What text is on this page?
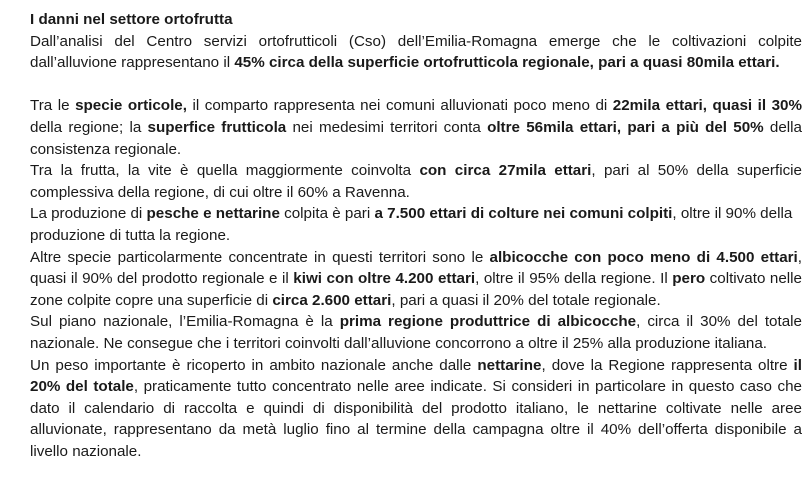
I danni nel settore ortofrutta

Dall’analisi del Centro servizi ortofrutticoli (Cso) dell’Emilia-Romagna emerge che le coltivazioni colpite dall’alluvione rappresentano il 45% circa della superficie ortofrutticola regionale, pari a quasi 80mila ettari.

Tra le specie orticole, il comparto rappresenta nei comuni alluvionati poco meno di 22mila ettari, quasi il 30% della regione; la superfice frutticola nei medesimi territori conta oltre 56mila ettari, pari a più del 50% della consistenza regionale.

Tra la frutta, la vite è quella maggiormente coinvolta con circa 27mila ettari, pari al 50% della superficie complessiva della regione, di cui oltre il 60% a Ravenna.

La produzione di pesche e nettarine colpita è pari a 7.500 ettari di colture nei comuni colpiti, oltre il 90% della produzione di tutta la regione.

Altre specie particolarmente concentrate in questi territori sono le albicocche con poco meno di 4.500 ettari, quasi il 90% del prodotto regionale e il kiwi con oltre 4.200 ettari, oltre il 95% della regione. Il pero coltivato nelle zone colpite copre una superficie di circa 2.600 ettari, pari a quasi il 20% del totale regionale.

Sul piano nazionale, l’Emilia-Romagna è la prima regione produttrice di albicocche, circa il 30% del totale nazionale. Ne consegue che i territori coinvolti dall’alluvione concorrono a oltre il 25% alla produzione italiana.

Un peso importante è ricoperto in ambito nazionale anche dalle nettarine, dove la Regione rappresenta oltre il 20% del totale, praticamente tutto concentrato nelle aree indicate. Si consideri in particolare in questo caso che dato il calendario di raccolta e quindi di disponibilità del prodotto italiano, le nettarine coltivate nelle aree alluvionate, rappresentano da metà luglio fino al termine della campagna oltre il 40% dell’offerta disponibile a livello nazionale.
